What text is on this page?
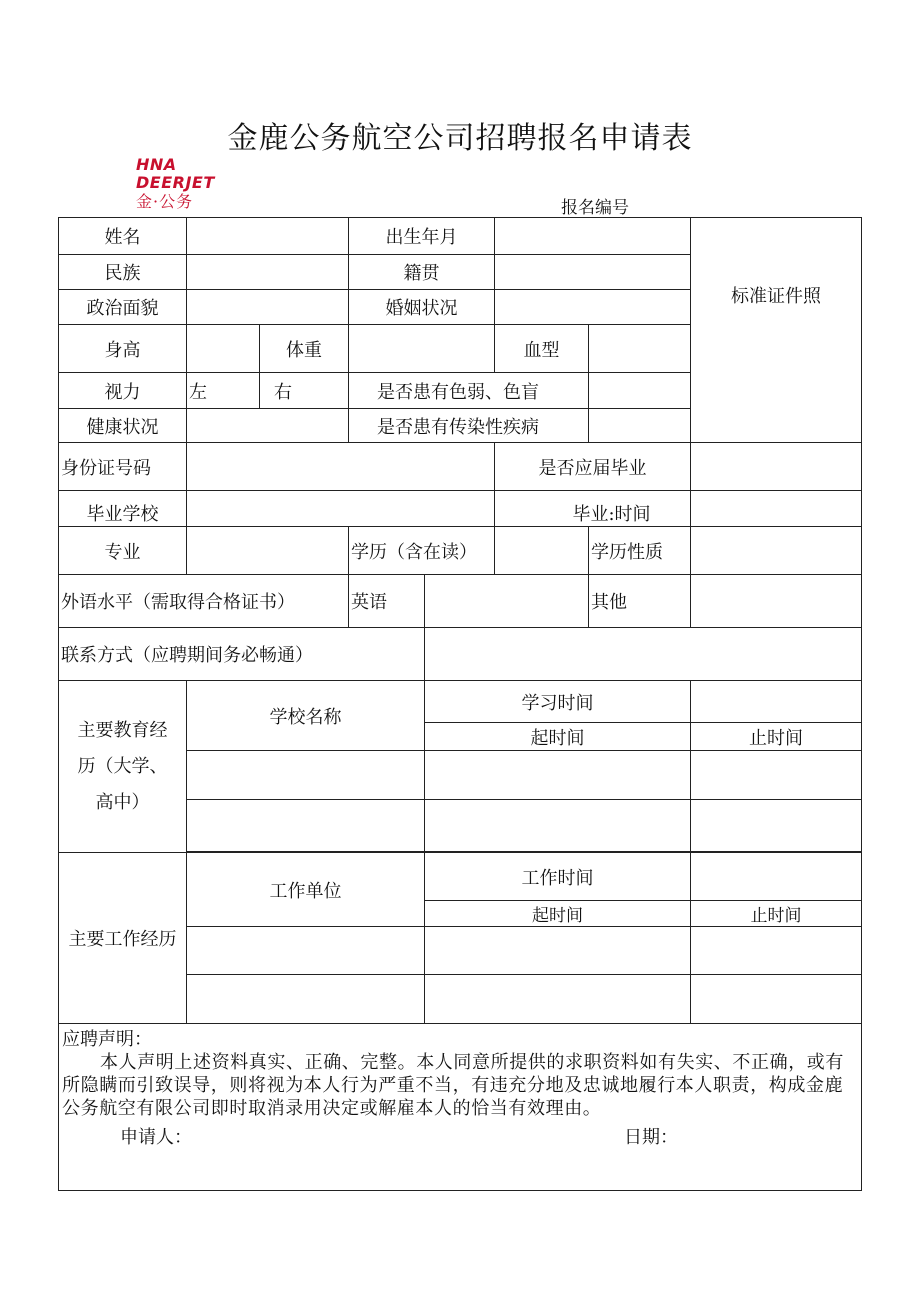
金鹿公务航空公司招聘报名申请表
HNA
DEERJET
金·公务	报名编号
姓名			出生年月				标准证件照
民族			籍贯				
政治面貌			婚姻状况				
身高		体重			血型		
视力	左	右	是否患有色弱、色盲				
健康状况			是否患有传染性疾病				
身份证号码					是否应届毕业		
毕业学校					毕业:时间		
专业			学历（含在读）			学历性质	
外语水平（需取得合格证书）			英语			其他	
联系方式（应聘期间务必畅通）							
主要教育经历（大学、高中）	学校名称			学习时间			
				起时间			止时间

主要工作经历	工作单位			工作时间			
				起时间			止时间

应聘声明：
本人声明上述资料真实、正确、完整。本人同意所提供的求职资料如有失实、不正确，或有所隐瞒而引致误导，则将视为本人行为严重不当，有违充分地及忠诚地履行本人职责，构成金鹿公务航空有限公司即时取消录用决定或解雇本人的恰当有效理由。
申请人： 日期：							
